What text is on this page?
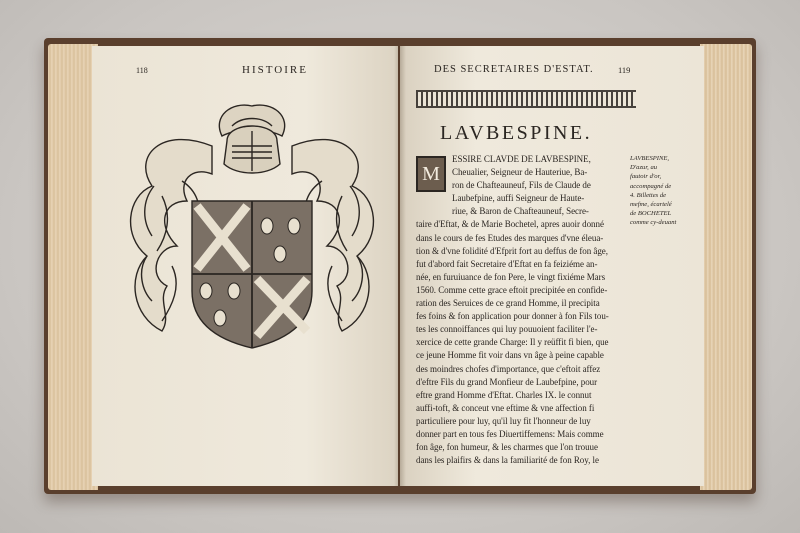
118	HISTOIRE	DES SECRETAIRES D'ESTAT.	119
LAVBESPINE.
ESSIRE CLAVDE DE LAVBESPINE,
Cheualier, Seigneur de Hauteriue, Ba-
ron de Chafteauneuf, Fils de Claude de
Laubefpine, auffi Seigneur de Haute-
riue, & Baron de Chafteauneuf, Secre-
taire d'Eftat, & de Marie Bochetel, apres auoir donné
dans le cours de fes Etudes des marques d'vne éleua-
tion & d'vne folidité d'Efprit fort au deffus de fon âge,
fut d'abord fait Secretaire d'Eftat en fa feiziéme an-
née, en furuiuance de fon Pere, le vingt fixiéme Mars
1560. Comme cette grace eftoit precipitée en confide-
ration des Seruices de ce grand Homme, il precipita
fes foins & fon application pour donner à fon Fils tou-
tes les connoiffances qui luy pouuoient faciliter l'e-
xercice de cette grande Charge: Il y reüffit fi bien, que
ce jeune Homme fit voir dans vn âge à peine capable
des moindres chofes d'importance, que c'eftoit affez
d'eftre Fils du grand Monfieur de Laubefpine, pour
eftre grand Homme d'Eftat. Charles IX. le connut
auffi-toft, & conceut vne eftime & vne affection fi
particuliere pour luy, qu'il luy fit l'honneur de luy
donner part en tous fes Diuertiffemens: Mais comme
fon âge, fon humeur, & les charmes que l'on trouue
dans les plaifirs & dans la familiarité de fon Roy, le
M
LAVBESPINE,
D'azur, au
fautoir d'or,
accompagné de
4. Billettes de
mefme, écartelé
de BOCHETEL
comme cy-deuant
